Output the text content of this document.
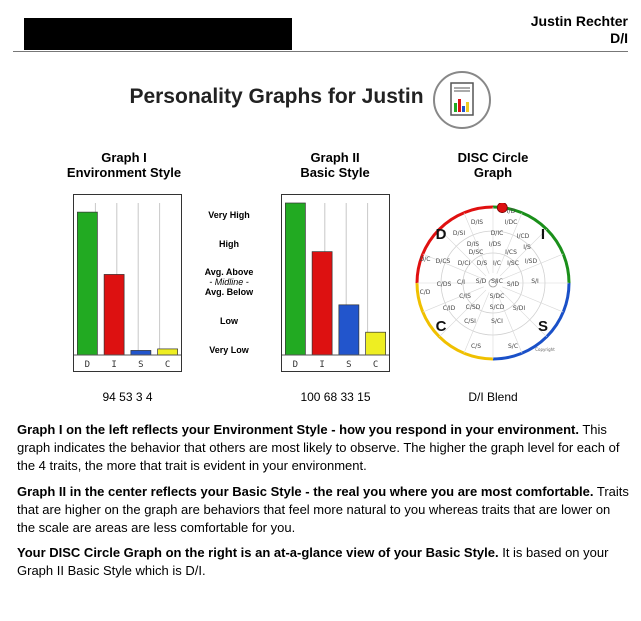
Justin Rechter
D/I
Personality Graphs for Justin
Graph I
Environment Style
Graph II
Basic Style
DISC Circle
Graph
D I S C	D I S C
Very High
High
Avg. Above
- Midline -
Avg. Below
Low
Very Low
D	I
S
C
I/D
D/IS	I/DC
D/SI	D/IC I/CD
D/IS I/DS
D/SC	I/CS
I/S
D/C D/CS D/CI D/S I/C I/SC I/SD
C/D
C/DS C/I S/D S/IC S/ID S/I
C/IS	S/DC
C/ID C/SD S/CD S/DI
C/SI	S/CI
C/S	S/C	Copyright
94 53 3 4	100 68 33 15	D/I Blend
Graph I on the left reflects your Environment Style - how you respond in your environment. This graph indicates the behavior that others are most likely to observe. The higher the graph level for each of the 4 traits, the more that trait is evident in your environment.
Graph II in the center reflects your Basic Style - the real you where you are most comfortable. Traits that are higher on the graph are behaviors that feel more natural to you whereas traits that are lower on the scale are areas are less comfortable for you.
Your DISC Circle Graph on the right is an at-a-glance view of your Basic Style. It is based on your Graph II Basic Style which is D/I.
